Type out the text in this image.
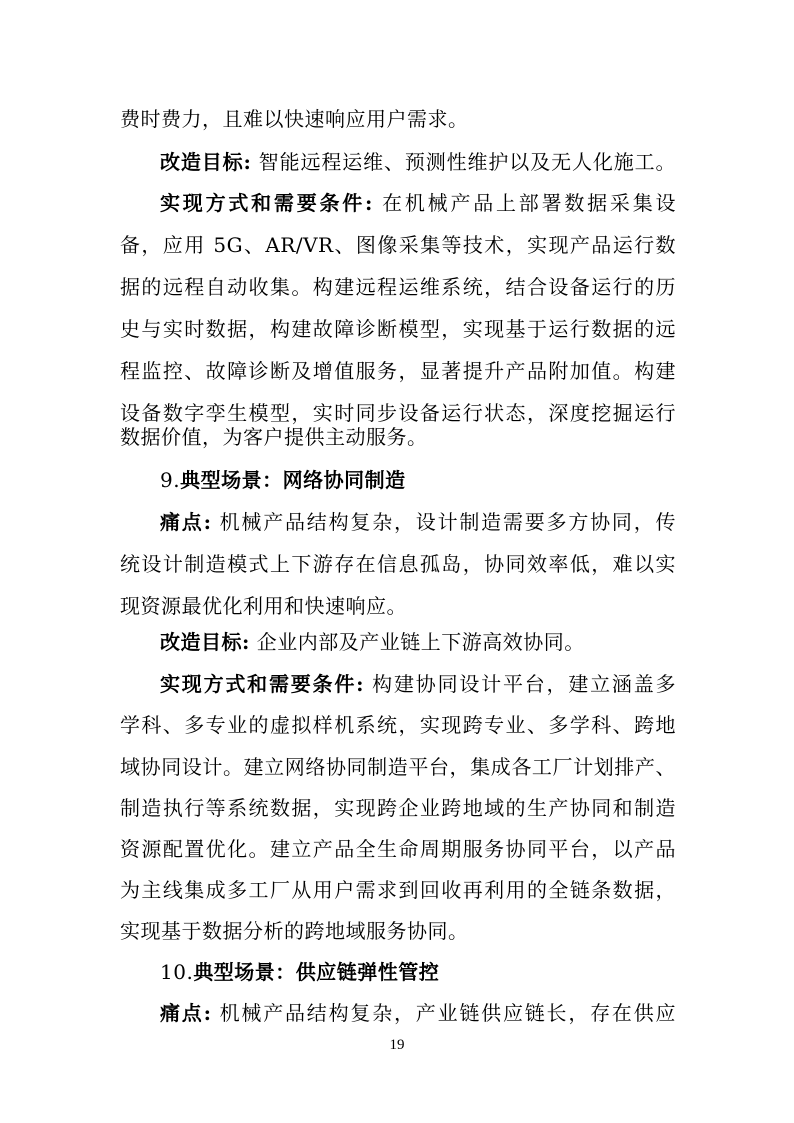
费时费力，且难以快速响应用户需求。
改造目标: 智能远程运维、预测性维护以及无人化施工。
实现方式和需要条件: 在机械产品上部署数据采集设
备，应用 5G、AR/VR、图像采集等技术，实现产品运行数
据的远程自动收集。构建远程运维系统，结合设备运行的历
史与实时数据，构建故障诊断模型，实现基于运行数据的远
程监控、故障诊断及增值服务，显著提升产品附加值。构建
设备数字孪生模型，实时同步设备运行状态，深度挖掘运行
数据价值，为客户提供主动服务。
9.典型场景：网络协同制造
痛点: 机械产品结构复杂，设计制造需要多方协同，传
统设计制造模式上下游存在信息孤岛，协同效率低，难以实
现资源最优化利用和快速响应。
改造目标: 企业内部及产业链上下游高效协同。
实现方式和需要条件: 构建协同设计平台，建立涵盖多
学科、多专业的虚拟样机系统，实现跨专业、多学科、跨地
域协同设计。建立网络协同制造平台，集成各工厂计划排产、
制造执行等系统数据，实现跨企业跨地域的生产协同和制造
资源配置优化。建立产品全生命周期服务协同平台，以产品
为主线集成多工厂从用户需求到回收再利用的全链条数据，
实现基于数据分析的跨地域服务协同。
10.典型场景：供应链弹性管控
痛点: 机械产品结构复杂，产业链供应链长，存在供应
19
